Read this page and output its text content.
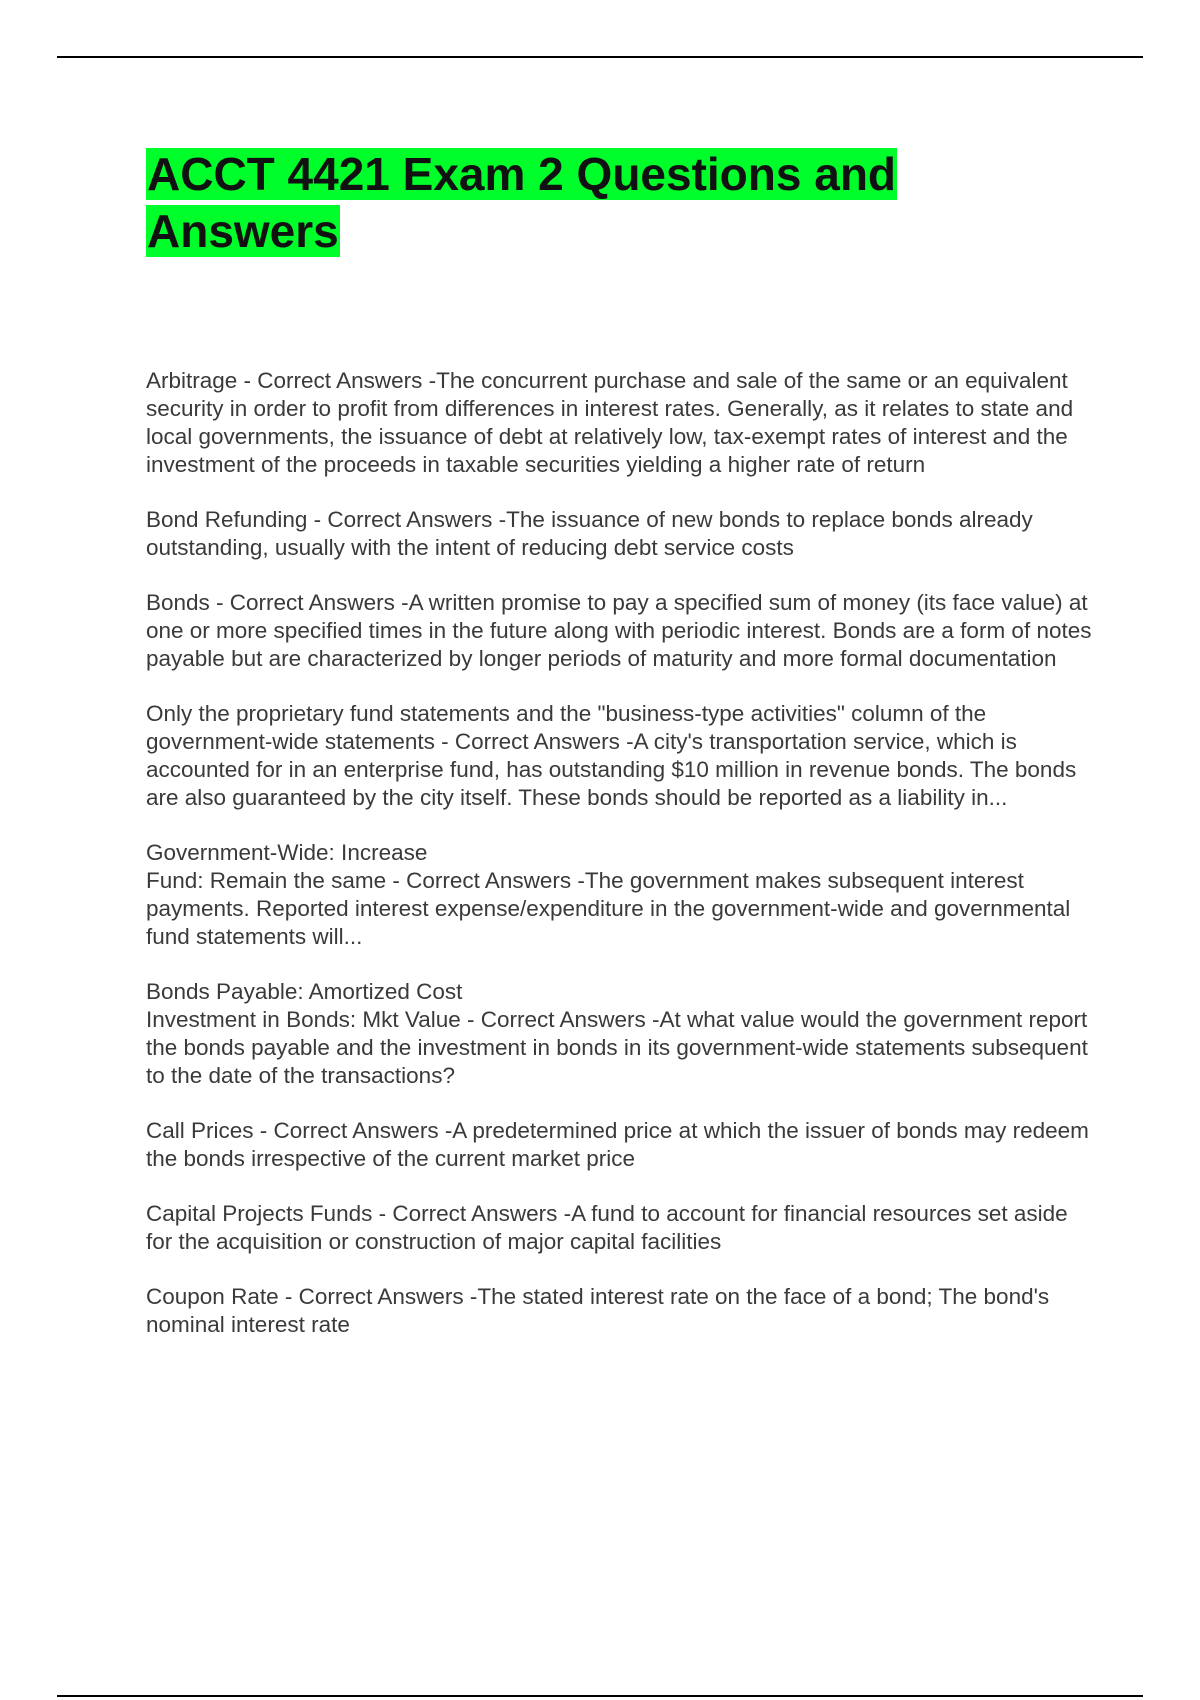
ACCT 4421 Exam 2 Questions and Answers
Arbitrage - Correct Answers -The concurrent purchase and sale of the same or an equivalent security in order to profit from differences in interest rates. Generally, as it relates to state and local governments, the issuance of debt at relatively low, tax-exempt rates of interest and the investment of the proceeds in taxable securities yielding a higher rate of return
Bond Refunding - Correct Answers -The issuance of new bonds to replace bonds already outstanding, usually with the intent of reducing debt service costs
Bonds - Correct Answers -A written promise to pay a specified sum of money (its face value) at one or more specified times in the future along with periodic interest. Bonds are a form of notes payable but are characterized by longer periods of maturity and more formal documentation
Only the proprietary fund statements and the "business-type activities" column of the government-wide statements - Correct Answers -A city's transportation service, which is accounted for in an enterprise fund, has outstanding $10 million in revenue bonds. The bonds are also guaranteed by the city itself. These bonds should be reported as a liability in...
Government-Wide: Increase
Fund: Remain the same - Correct Answers -The government makes subsequent interest payments. Reported interest expense/expenditure in the government-wide and governmental fund statements will...
Bonds Payable: Amortized Cost
Investment in Bonds: Mkt Value - Correct Answers -At what value would the government report the bonds payable and the investment in bonds in its government-wide statements subsequent to the date of the transactions?
Call Prices - Correct Answers -A predetermined price at which the issuer of bonds may redeem the bonds irrespective of the current market price
Capital Projects Funds - Correct Answers -A fund to account for financial resources set aside for the acquisition or construction of major capital facilities
Coupon Rate - Correct Answers -The stated interest rate on the face of a bond; The bond's nominal interest rate
